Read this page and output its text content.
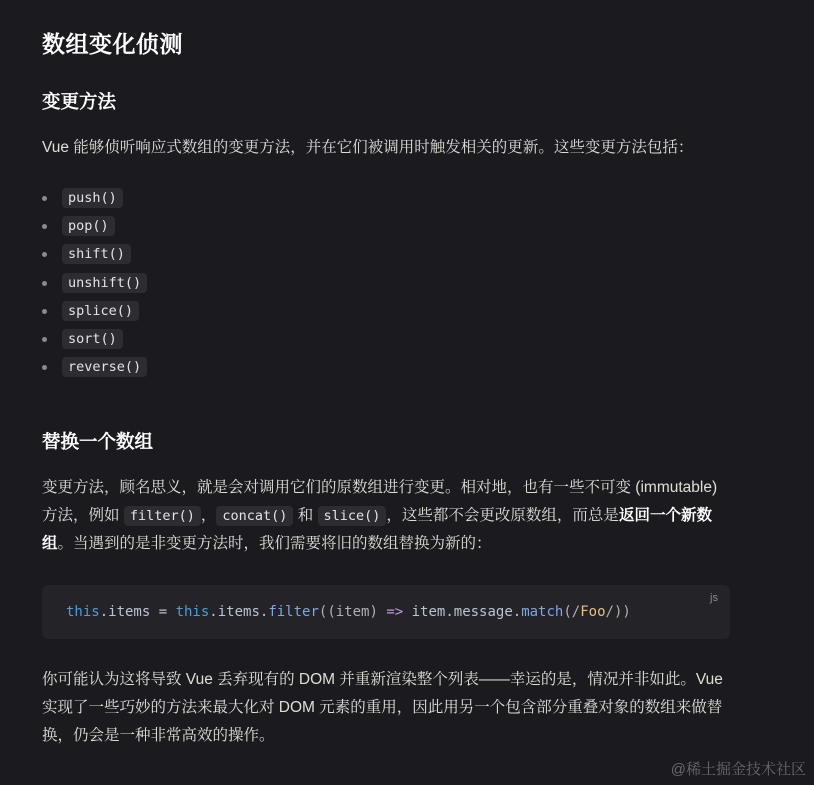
数组变化侦测
变更方法

Vue 能够侦听响应式数组的变更方法，并在它们被调用时触发相关的更新。这些变更方法包括：

push()
pop()
shift()
unshift()
splice()
sort()
reverse()
替换一个数组

变更方法，顾名思义，就是会对调用它们的原数组进行变更。相对地，也有一些不可变 (immutable) 方法，例如 filter() ， concat() 和 slice() ，这些都不会更改原数组，而总是返回一个新数组。当遇到的是非变更方法时，我们需要将旧的数组替换为新的：

js
this.items = this.items.filter((item) => item.message.match(/Foo/))

你可能认为这将导致 Vue 丢弃现有的 DOM 并重新渲染整个列表——幸运的是，情况并非如此。Vue 实现了一些巧妙的方法来最大化对 DOM 元素的重用，因此用另一个包含部分重叠对象的数组来做替换，仍会是一种非常高效的操作。

@稀土掘金技术社区
